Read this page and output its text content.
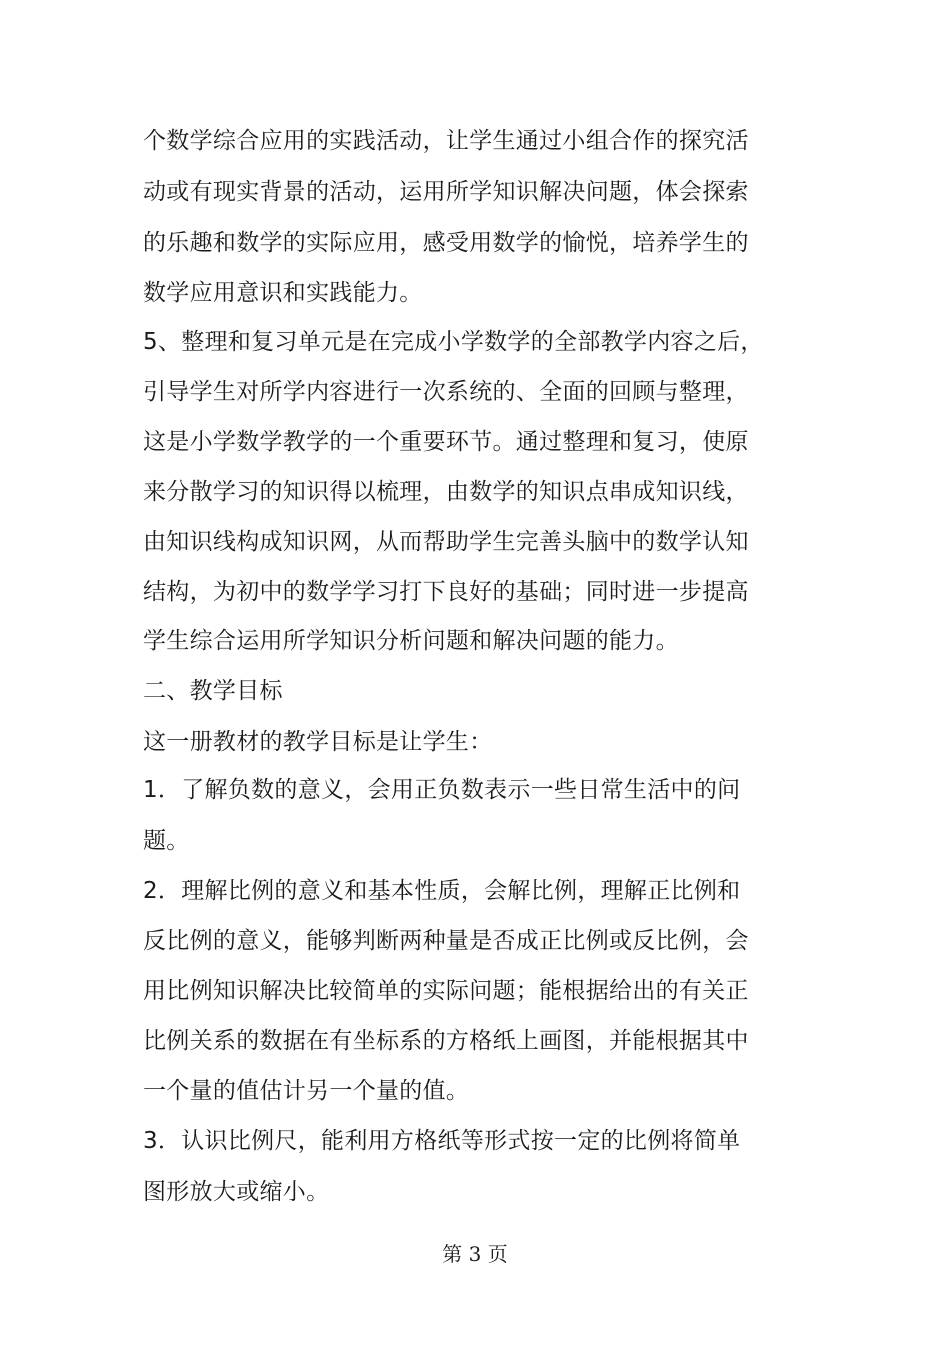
个数学综合应用的实践活动，让学生通过小组合作的探究活
动或有现实背景的活动，运用所学知识解决问题，体会探索
的乐趣和数学的实际应用，感受用数学的愉悦，培养学生的
数学应用意识和实践能力。
5、整理和复习单元是在完成小学数学的全部教学内容之后，
引导学生对所学内容进行一次系统的、全面的回顾与整理，
这是小学数学教学的一个重要环节。通过整理和复习，使原
来分散学习的知识得以梳理，由数学的知识点串成知识线，
由知识线构成知识网，从而帮助学生完善头脑中的数学认知
结构，为初中的数学学习打下良好的基础；同时进一步提高
学生综合运用所学知识分析问题和解决问题的能力。
二、教学目标
这一册教材的教学目标是让学生：
1．了解负数的意义，会用正负数表示一些日常生活中的问
题。
2．理解比例的意义和基本性质，会解比例，理解正比例和
反比例的意义，能够判断两种量是否成正比例或反比例，会
用比例知识解决比较简单的实际问题；能根据给出的有关正
比例关系的数据在有坐标系的方格纸上画图，并能根据其中
一个量的值估计另一个量的值。
3．认识比例尺，能利用方格纸等形式按一定的比例将简单
图形放大或缩小。
第 3 页
